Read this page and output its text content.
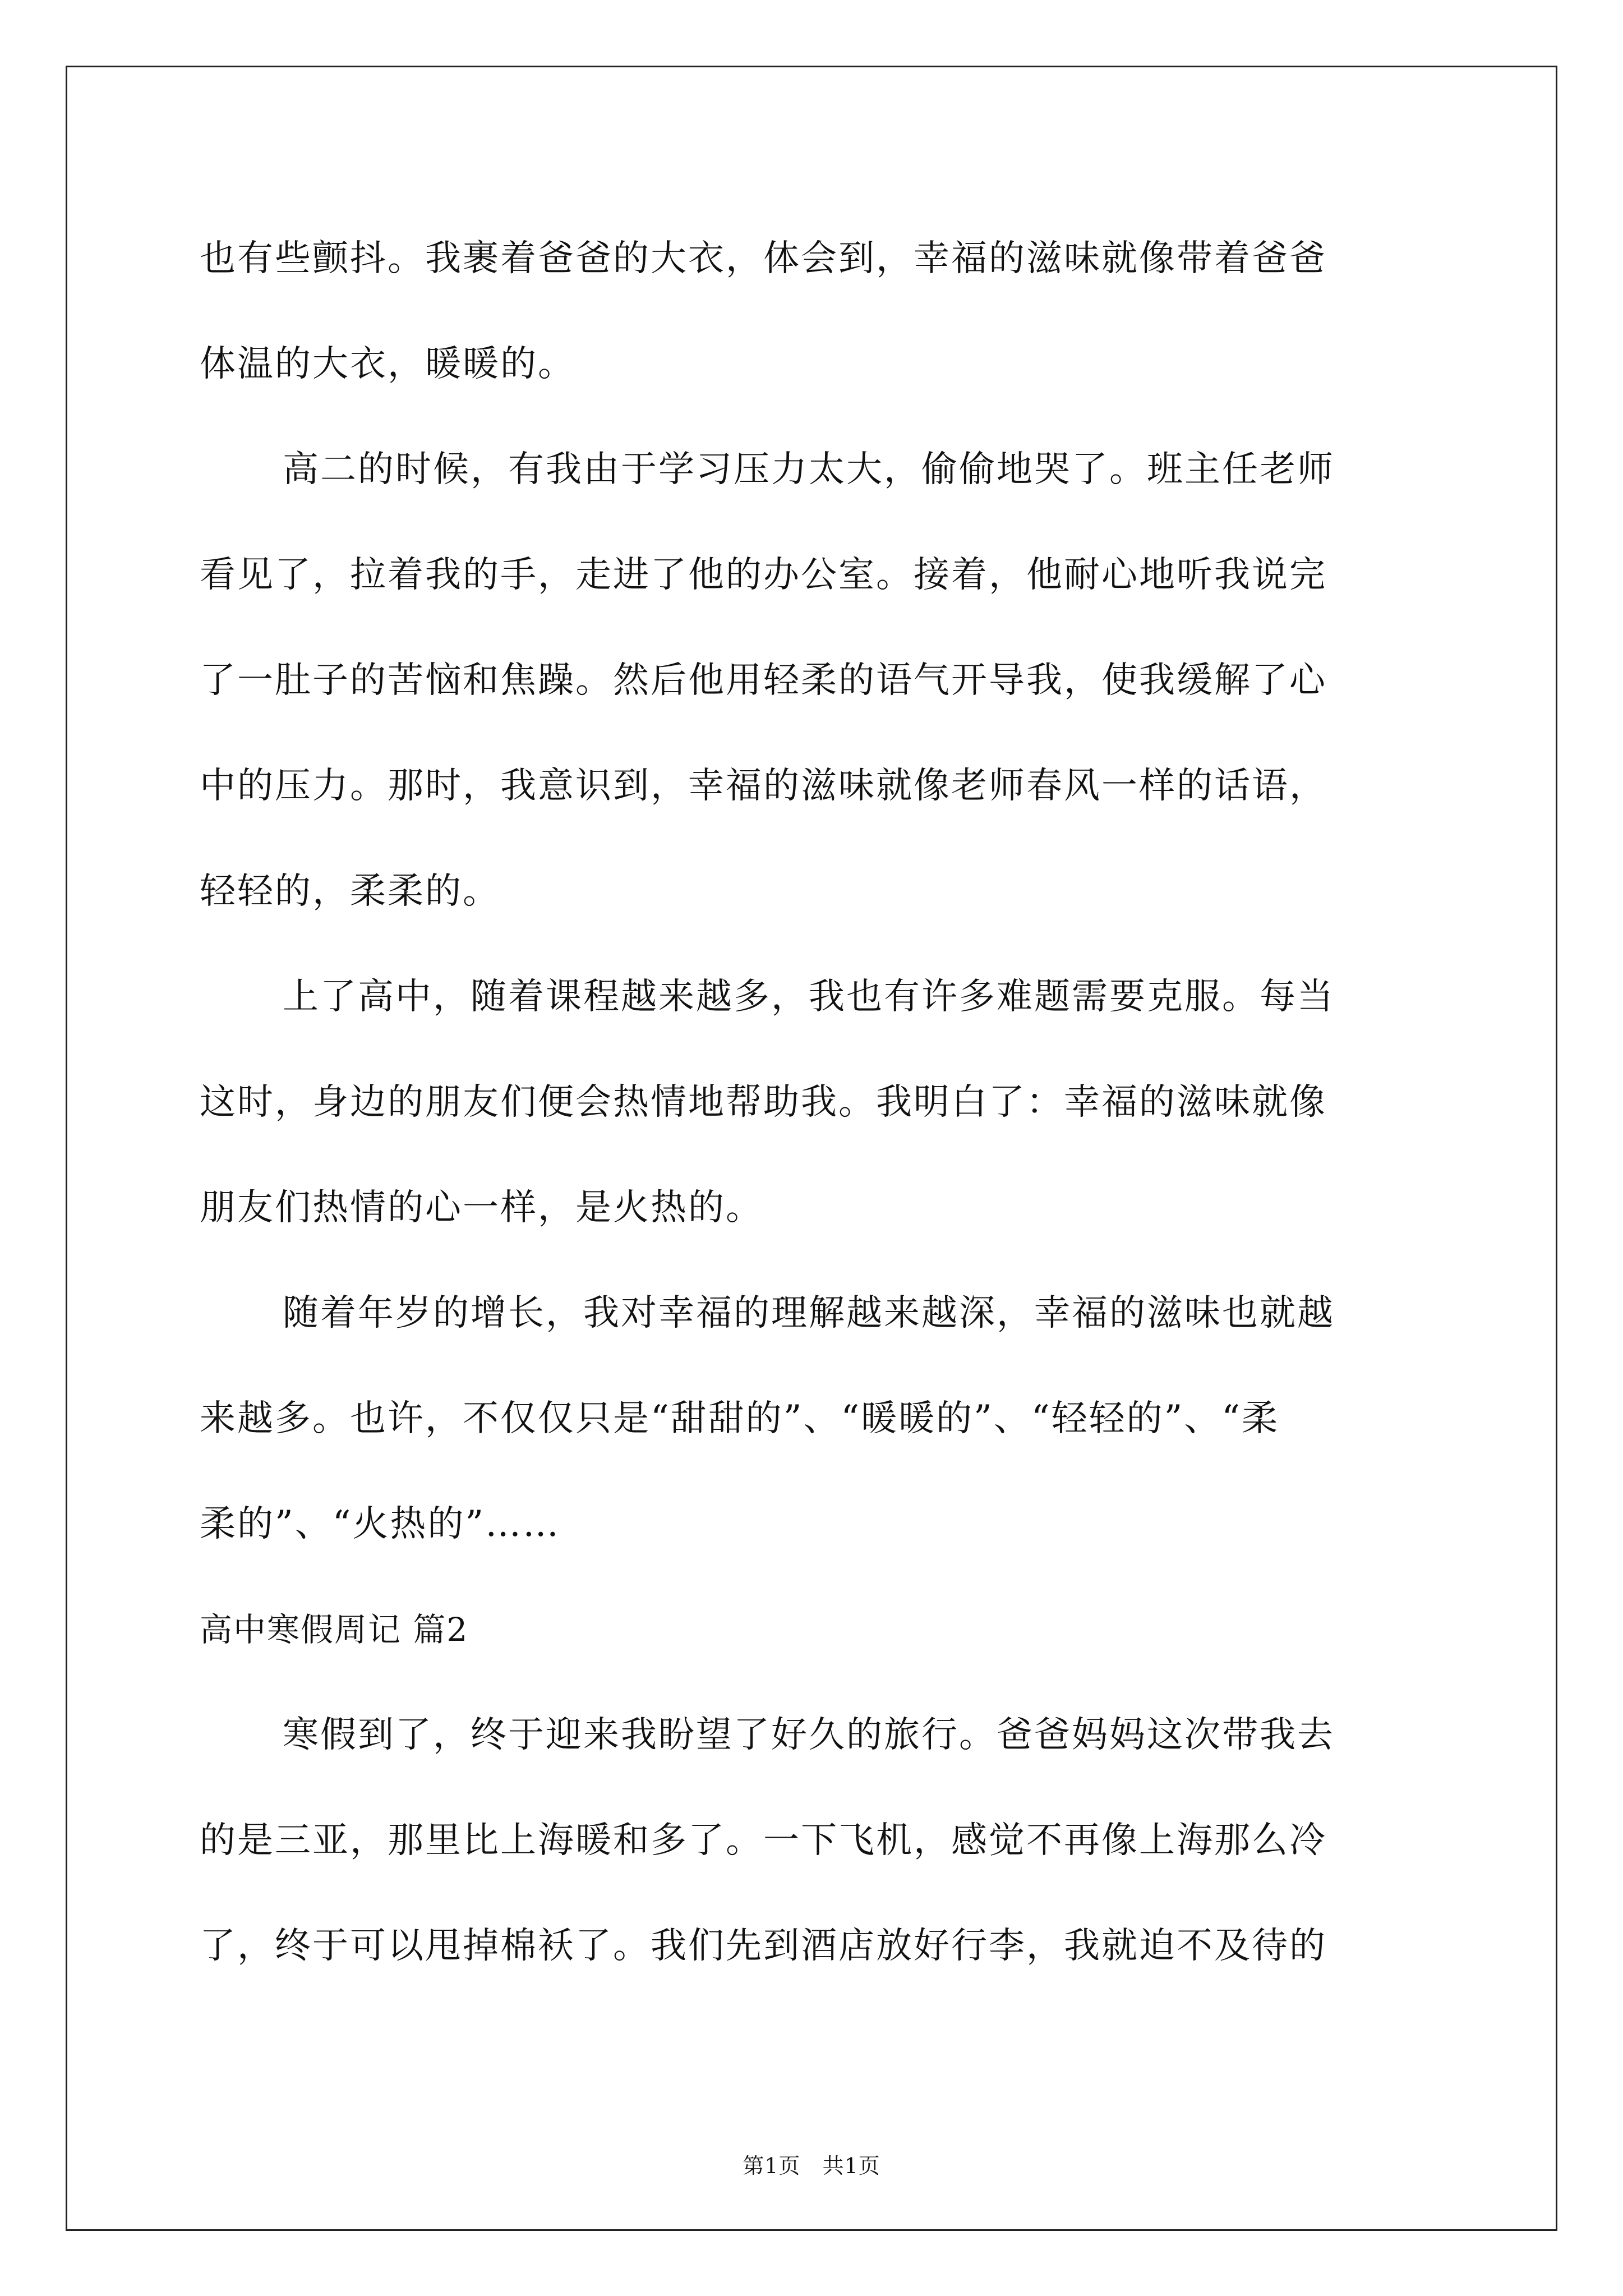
也有些颤抖。我裹着爸爸的大衣，体会到，幸福的滋味就像带着爸爸
体温的大衣，暖暖的。
高二的时候，有我由于学习压力太大，偷偷地哭了。班主任老师
看见了，拉着我的手，走进了他的办公室。接着，他耐心地听我说完
了一肚子的苦恼和焦躁。然后他用轻柔的语气开导我，使我缓解了心
中的压力。那时，我意识到，幸福的滋味就像老师春风一样的话语，
轻轻的，柔柔的。
上了高中，随着课程越来越多，我也有许多难题需要克服。每当
这时，身边的朋友们便会热情地帮助我。我明白了：幸福的滋味就像
朋友们热情的心一样，是火热的。
随着年岁的增长，我对幸福的理解越来越深，幸福的滋味也就越
来越多。也许，不仅仅只是“甜甜的”、“暖暖的”、“轻轻的”、“柔
柔的”、“火热的”……
高中寒假周记 篇2
寒假到了，终于迎来我盼望了好久的旅行。爸爸妈妈这次带我去
的是三亚，那里比上海暖和多了。一下飞机，感觉不再像上海那么冷
了，终于可以甩掉棉袄了。我们先到酒店放好行李，我就迫不及待的
第1页   共1页
